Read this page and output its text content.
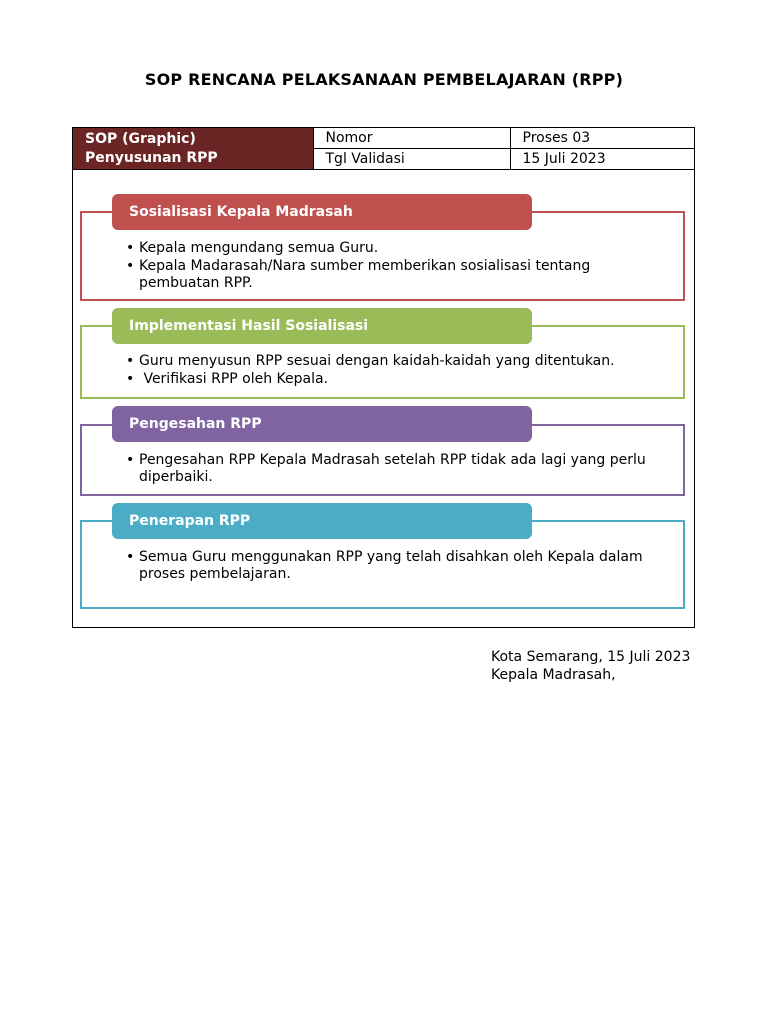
SOP RENCANA PELAKSANAAN PEMBELAJARAN (RPP)
SOP (Graphic)
Penyusunan RPP	Nomor	Proses 03
	Tgl Validasi	15 Juli 2023
Sosialisasi Kepala Madrasah
• Kepala mengundang semua Guru.
• Kepala Madarasah/Nara sumber memberikan sosialisasi tentang pembuatan RPP.
Implementasi Hasil Sosialisasi
• Guru menyusun RPP sesuai dengan kaidah-kaidah yang ditentukan.
•  Verifikasi RPP oleh Kepala.
Pengesahan RPP
• Pengesahan RPP Kepala Madrasah setelah RPP tidak ada lagi yang perlu diperbaiki.
Penerapan RPP
• Semua Guru menggunakan RPP yang telah disahkan oleh Kepala dalam proses pembelajaran.
Kota Semarang, 15 Juli 2023
Kepala Madrasah,
